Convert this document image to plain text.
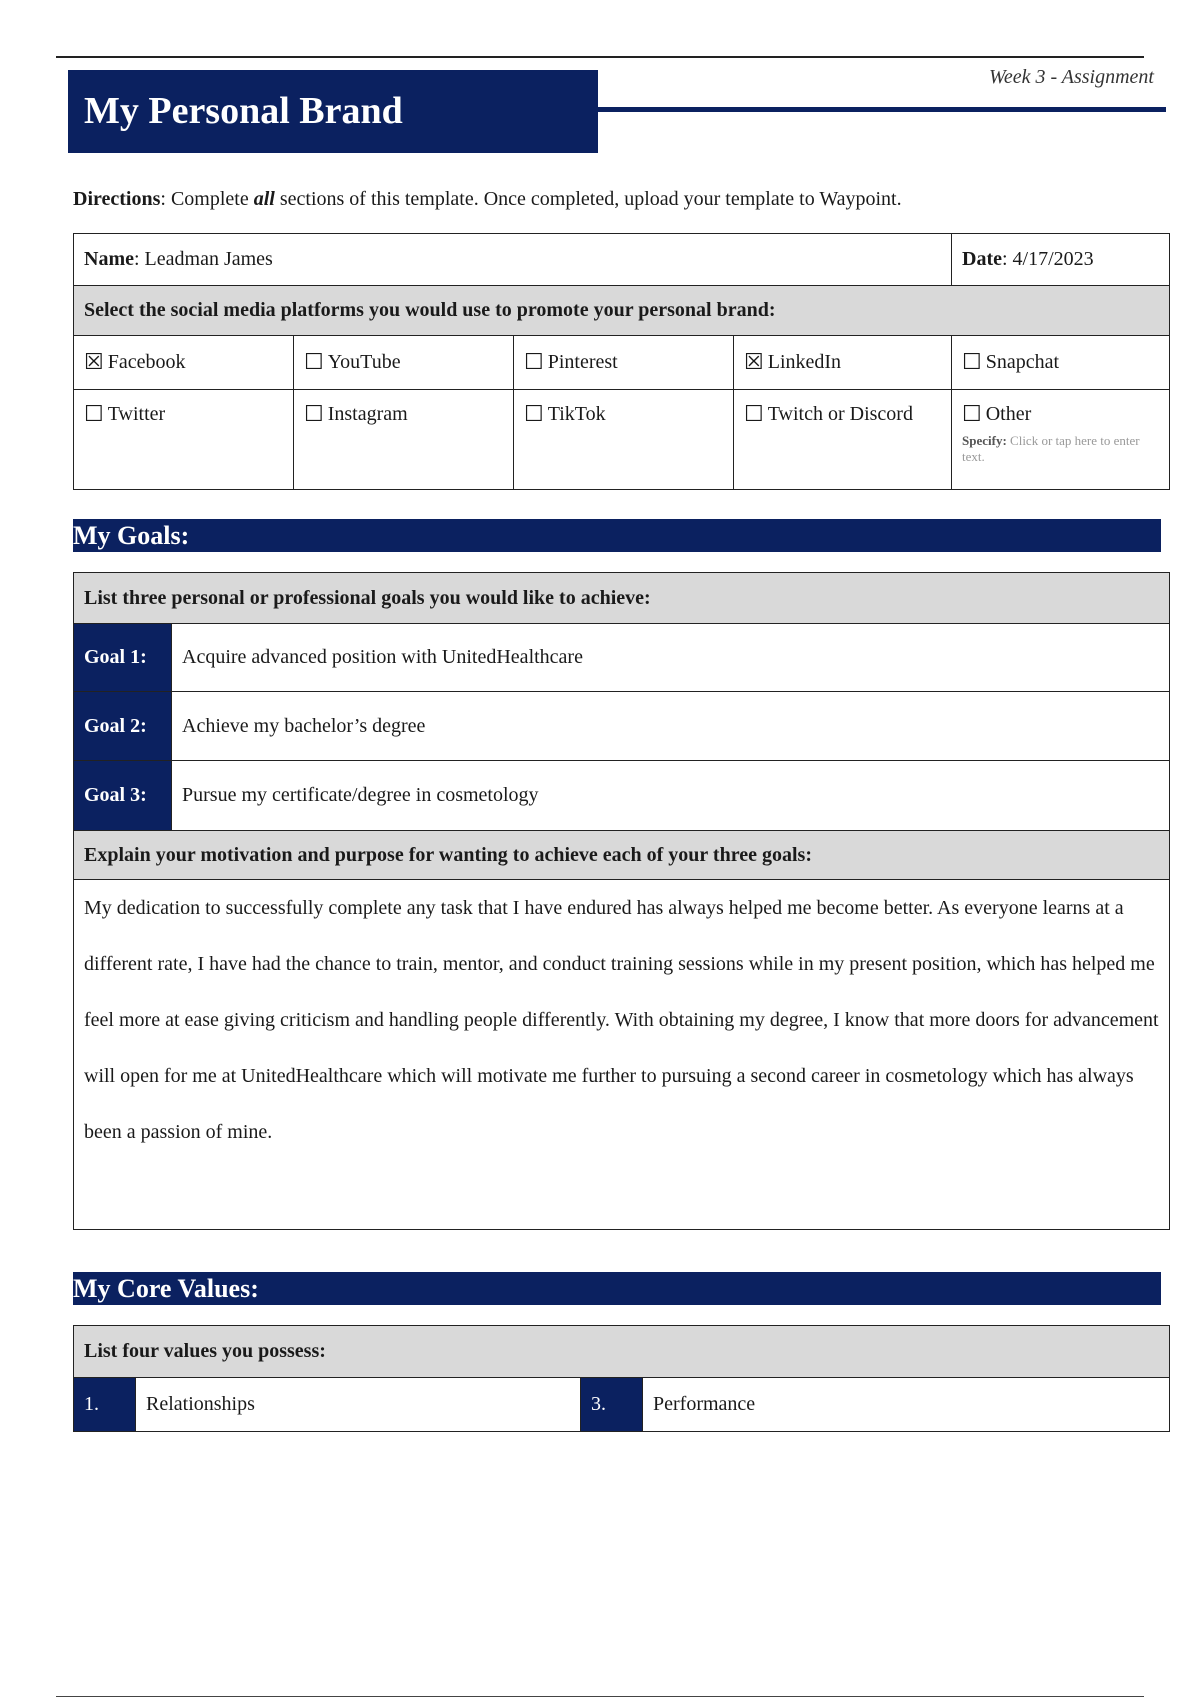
Week 3 - Assignment
My Personal Brand
Directions: Complete all sections of this template. Once completed, upload your template to Waypoint.
Name: Leadman James				Date: 4/17/2023
Select the social media platforms you would use to promote your personal brand:				
☒ Facebook	☐ YouTube	☐ Pinterest	☒ LinkedIn	☐ Snapchat
☐ Twitter	☐ Instagram	☐ TikTok	☐ Twitch or Discord	☐ Other
Specify: Click or tap here to enter text.
My Goals:
List three personal or professional goals you would like to achieve:	
Goal 1:	Acquire advanced position with UnitedHealthcare
Goal 2:	Achieve my bachelor’s degree
Goal 3:	Pursue my certificate/degree in cosmetology
Explain your motivation and purpose for wanting to achieve each of your three goals:	
My dedication to successfully complete any task that I have endured has always helped me become better. As everyone learns at a different rate, I have had the chance to train, mentor, and conduct training sessions while in my present position, which has helped me feel more at ease giving criticism and handling people differently. With obtaining my degree, I know that more doors for advancement will open for me at UnitedHealthcare which will motivate me further to pursuing a second career in cosmetology which has always been a passion of mine.	
My Core Values:
List four values you possess:
1.	Relationships	3.	Performance
